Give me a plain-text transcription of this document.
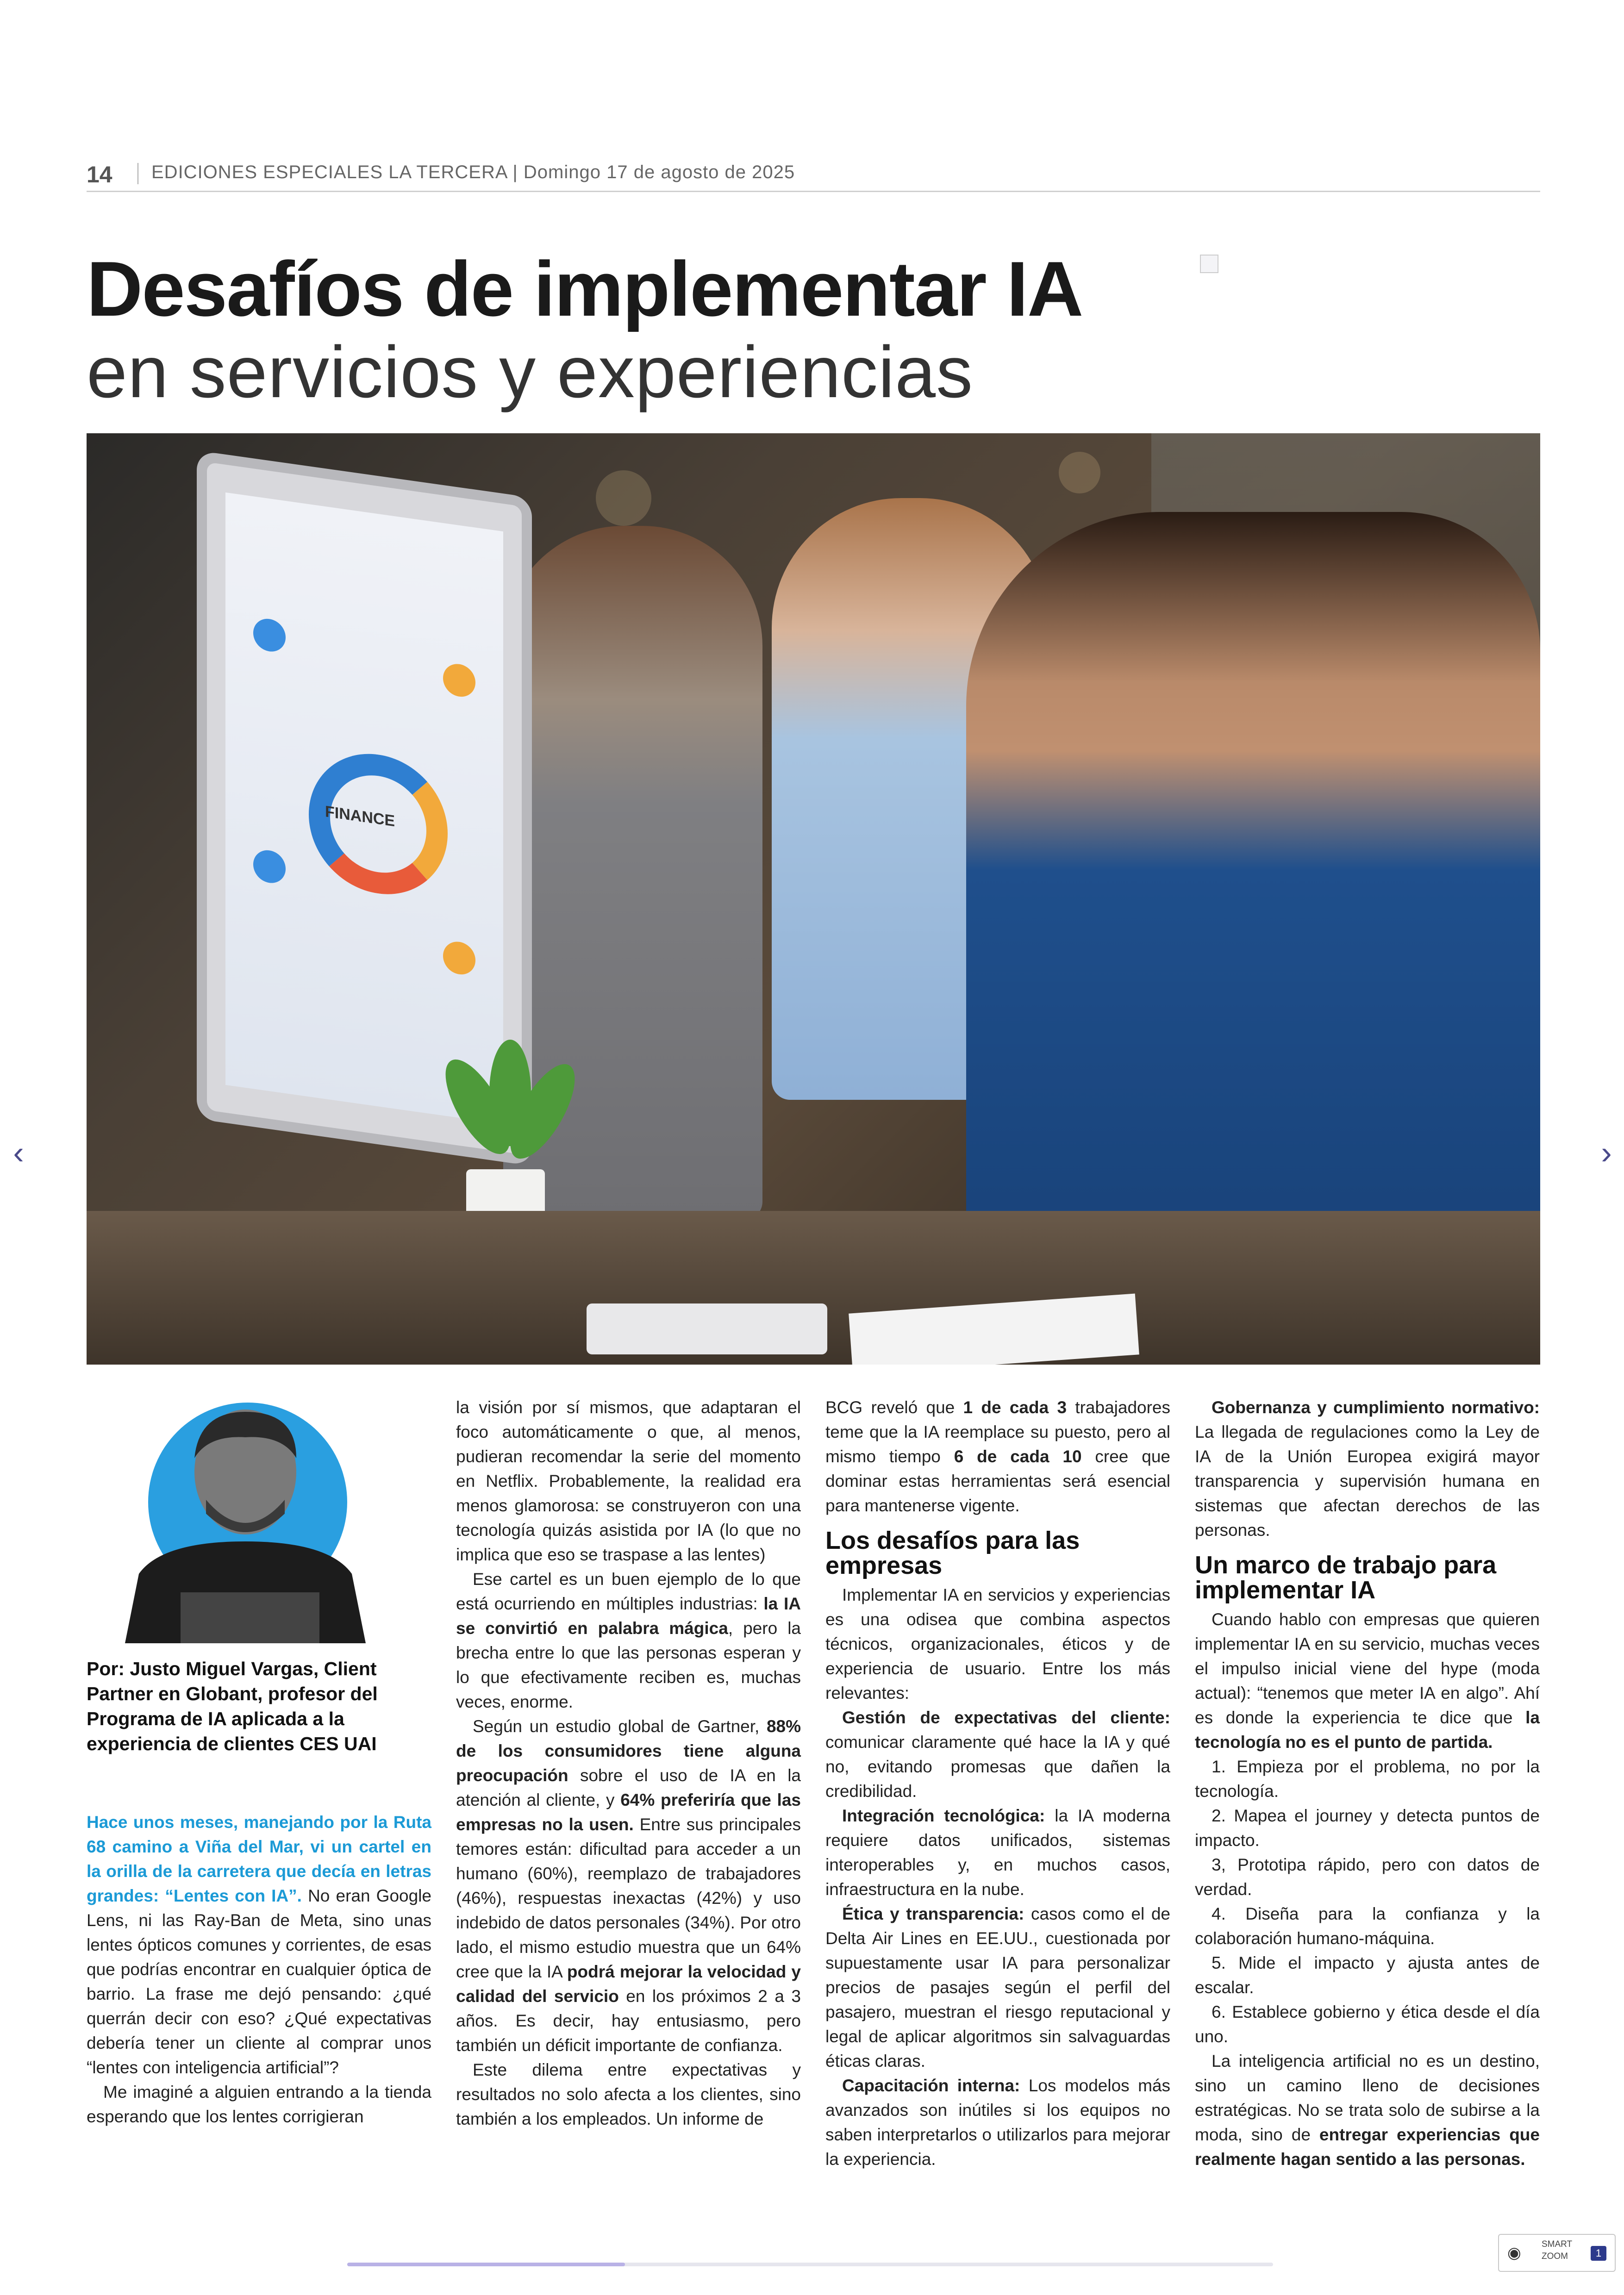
14 EDICIONES ESPECIALES LA TERCERA | Domingo 17 de agosto de 2025
Desafíos de implementar IA
en servicios y experiencias
FINANCE
Por: Justo Miguel Vargas, Client Partner en Globant, profesor del Programa de IA aplicada a la experiencia de clientes CES UAI

Hace unos meses, manejando por la Ruta 68 camino a Viña del Mar, vi un cartel en la orilla de la carretera que decía en letras grandes: “Lentes con IA”. No eran Google Lens, ni las Ray-Ban de Meta, sino unas lentes ópticos comunes y corrientes, de esas que podrías encontrar en cualquier óptica de barrio. La frase me dejó pensando: ¿qué querrán decir con eso? ¿Qué expectativas debería tener un cliente al comprar unos “lentes con inteligencia artificial”?

Me imaginé a alguien entrando a la tienda esperando que los lentes corrigieran

la visión por sí mismos, que adaptaran el foco automáticamente o que, al menos, pudieran recomendar la serie del momento en Netflix. Probablemente, la realidad era menos glamorosa: se construyeron con una tecnología quizás asistida por IA (lo que no implica que eso se traspase a las lentes)

Ese cartel es un buen ejemplo de lo que está ocurriendo en múltiples industrias: la IA se convirtió en palabra mágica, pero la brecha entre lo que las personas esperan y lo que efectivamente reciben es, muchas veces, enorme.

Según un estudio global de Gartner, 88% de los consumidores tiene alguna preocupación sobre el uso de IA en la atención al cliente, y 64% preferiría que las empresas no la usen. Entre sus principales temores están: dificultad para acceder a un humano (60%), reemplazo de trabajadores (46%), respuestas inexactas (42%) y uso indebido de datos personales (34%). Por otro lado, el mismo estudio muestra que un 64% cree que la IA podrá mejorar la velocidad y calidad del servicio en los próximos 2 a 3 años. Es decir, hay entusiasmo, pero también un déficit importante de confianza.

Este dilema entre expectativas y resultados no solo afecta a los clientes, sino también a los empleados. Un informe de

BCG reveló que 1 de cada 3 trabajadores teme que la IA reemplace su puesto, pero al mismo tiempo 6 de cada 10 cree que dominar estas herramientas será esencial para mantenerse vigente.

Los desafíos para las empresas

Implementar IA en servicios y experiencias es una odisea que combina aspectos técnicos, organizacionales, éticos y de experiencia de usuario. Entre los más relevantes:

Gestión de expectativas del cliente: comunicar claramente qué hace la IA y qué no, evitando promesas que dañen la credibilidad.

Integración tecnológica: la IA moderna requiere datos unificados, sistemas interoperables y, en muchos casos, infraestructura en la nube.

Ética y transparencia: casos como el de Delta Air Lines en EE.UU., cuestionada por supuestamente usar IA para personalizar precios de pasajes según el perfil del pasajero, muestran el riesgo reputacional y legal de aplicar algoritmos sin salvaguardas éticas claras.

Capacitación interna: Los modelos más avanzados son inútiles si los equipos no saben interpretarlos o utilizarlos para mejorar la experiencia.

Gobernanza y cumplimiento normativo: La llegada de regulaciones como la Ley de IA de la Unión Europea exigirá mayor transparencia y supervisión humana en sistemas que afectan derechos de las personas.

Un marco de trabajo para implementar IA

Cuando hablo con empresas que quieren implementar IA en su servicio, muchas veces el impulso inicial viene del hype (moda actual): “tenemos que meter IA en algo”. Ahí es donde la experiencia te dice que la tecnología no es el punto de partida.

1. Empieza por el problema, no por la tecnología.

2. Mapea el journey y detecta puntos de impacto.

3, Prototipa rápido, pero con datos de verdad.

4. Diseña para la confianza y la colaboración humano-máquina.

5. Mide el impacto y ajusta antes de escalar.

6. Establece gobierno y ética desde el día uno.

La inteligencia artificial no es un destino, sino un camino lleno de decisiones estratégicas. No se trata solo de subirse a la moda, sino de entregar experiencias que realmente hagan sentido a las personas.

‹	›
◉ SMART ZOOM	1
